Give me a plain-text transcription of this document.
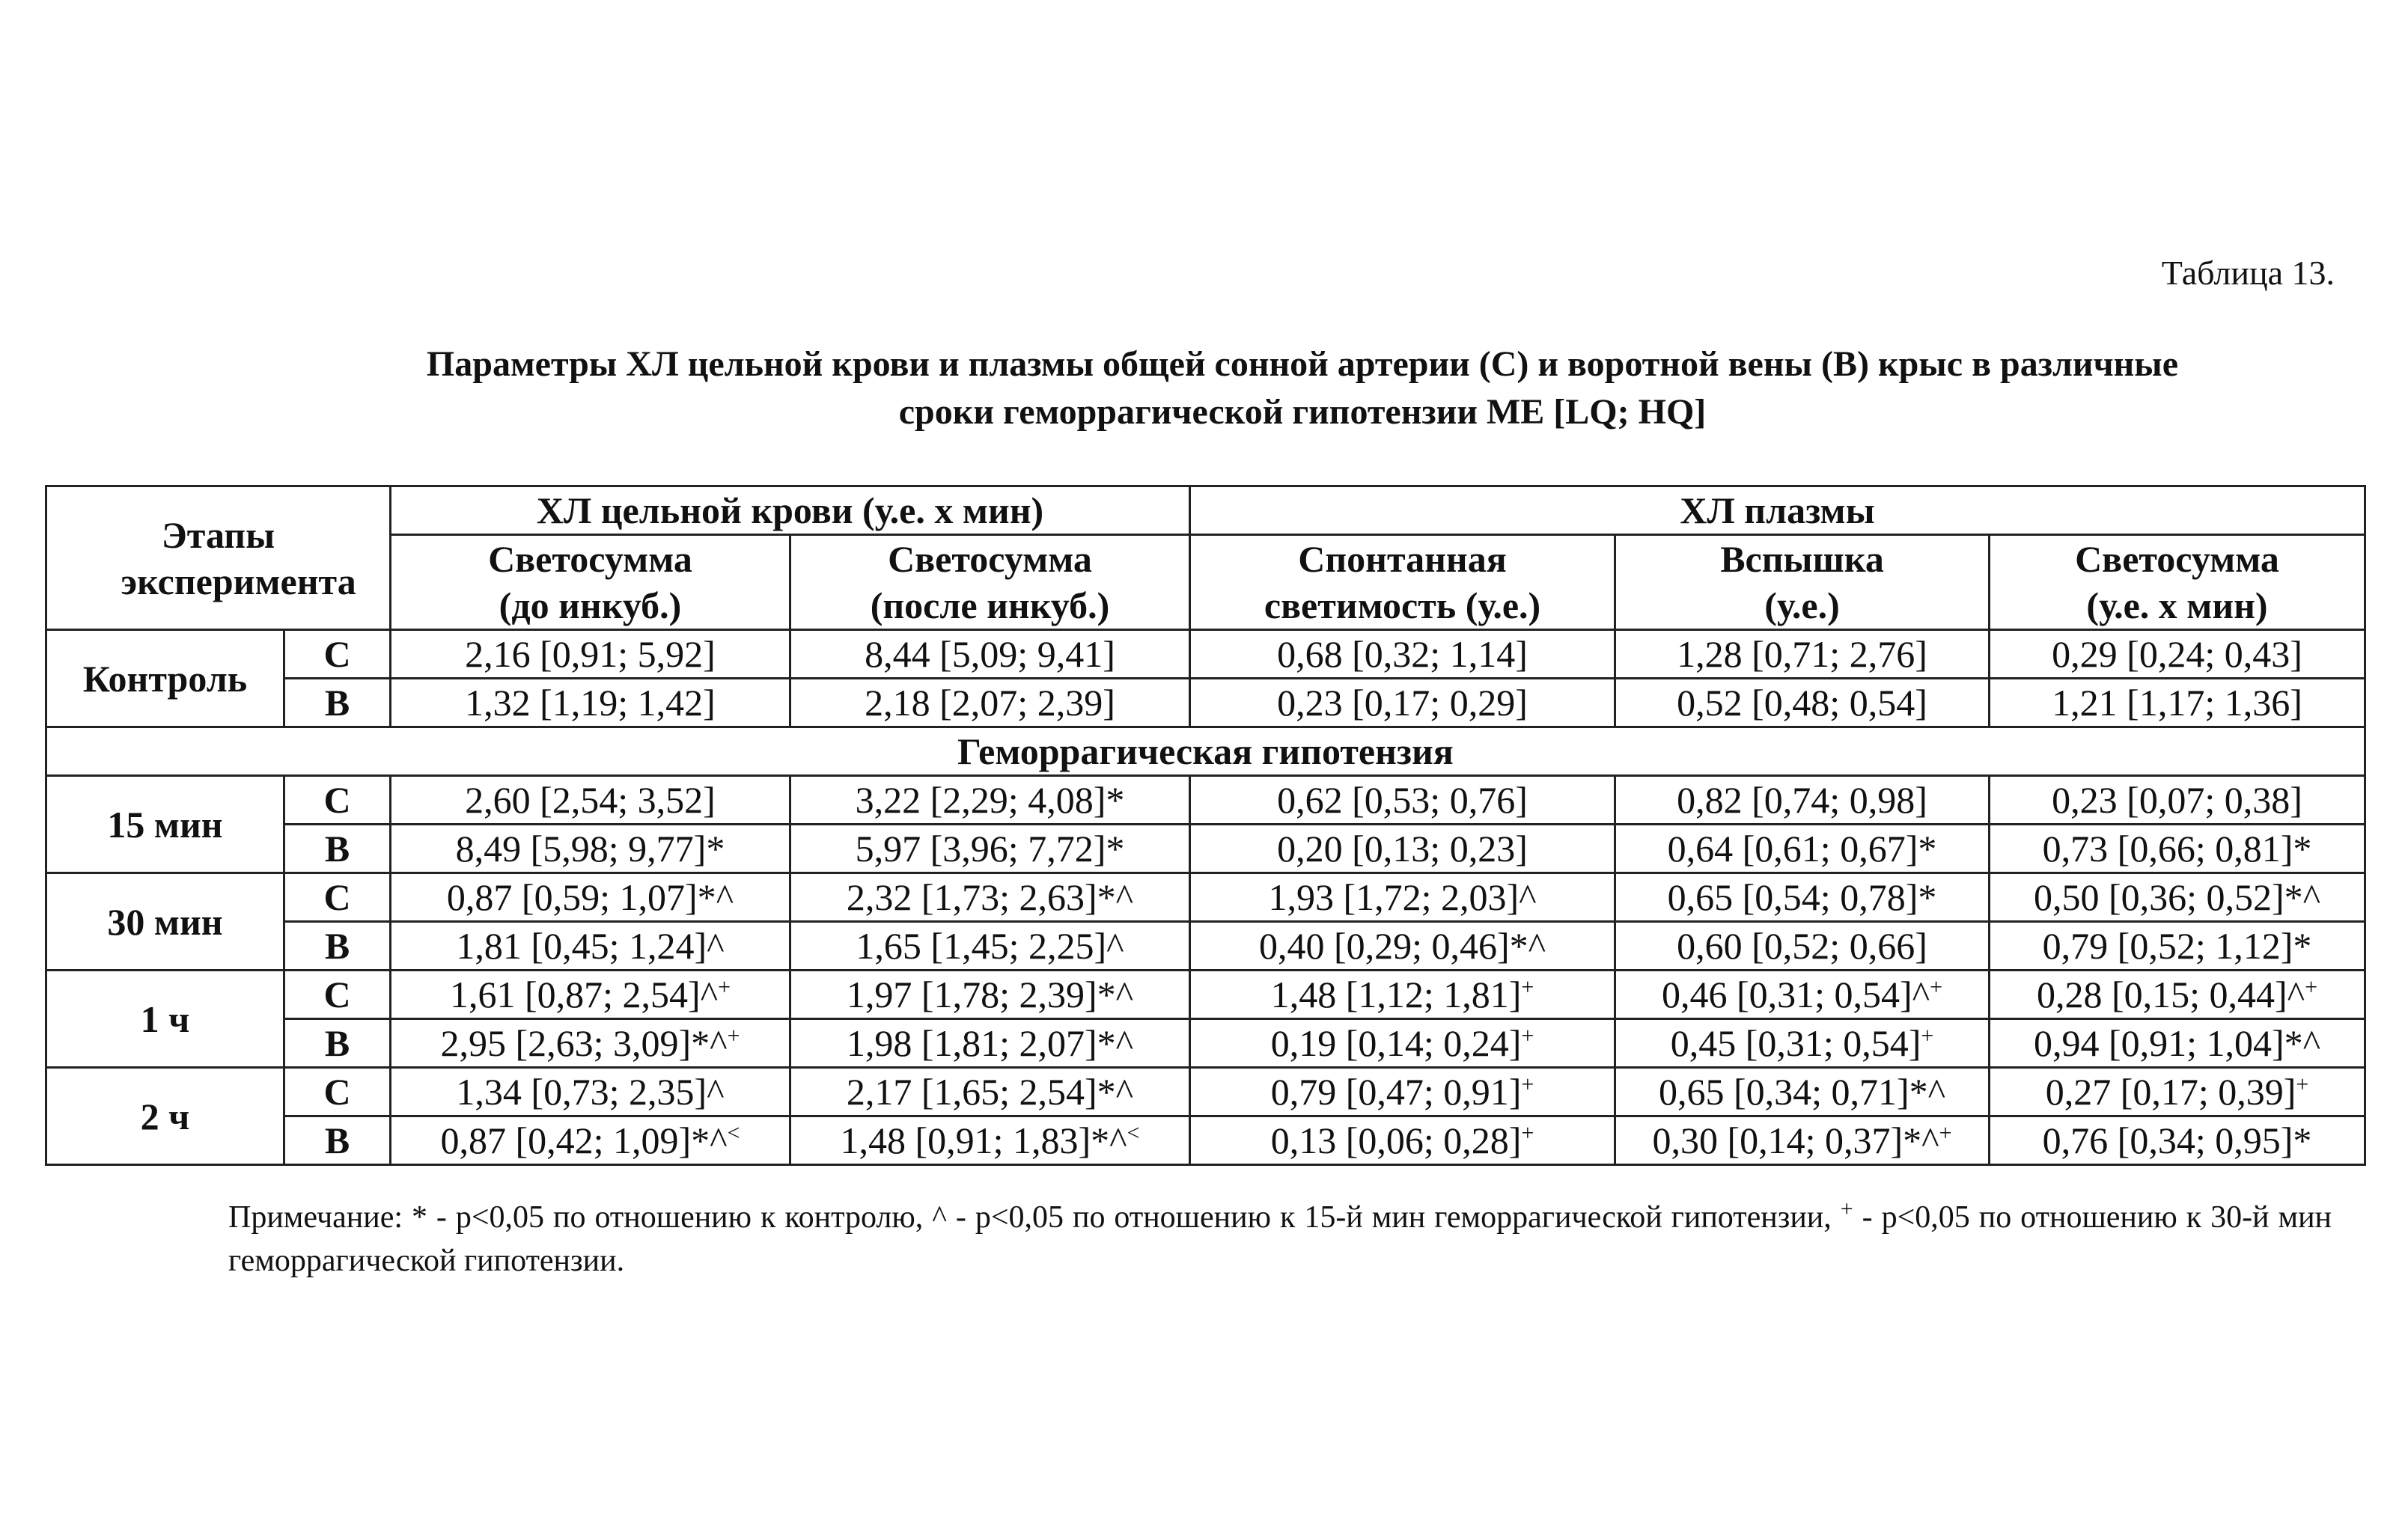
Таблица 13.
Параметры ХЛ цельной крови и плазмы общей сонной артерии (С) и воротной вены (В) крыс в различные
сроки геморрагической гипотензии МЕ [LQ; HQ]
Этапы эксперимента		ХЛ цельной крови (у.е. х мин)		ХЛ плазмы		

		Светосумма (до инкуб.)	Светосумма (после инкуб.)	Спонтанная светимость (у.е.)	Вспышка (у.е.)	Светосумма (у.е. х мин)

Контроль	С	2,16 [0,91; 5,92]	8,44 [5,09; 9,41]	0,68 [0,32; 1,14]	1,28 [0,71; 2,76]	0,29 [0,24; 0,43]
	В	1,32 [1,19; 1,42]	2,18 [2,07; 2,39]	0,23 [0,17; 0,29]	0,52 [0,48; 0,54]	1,21 [1,17; 1,36]
Геморрагическая гипотензия						
15 мин	С	2,60 [2,54; 3,52]	3,22 [2,29; 4,08]*	0,62 [0,53; 0,76]	0,82 [0,74; 0,98]	0,23 [0,07; 0,38]
	В	8,49 [5,98; 9,77]*	5,97 [3,96; 7,72]*	0,20 [0,13; 0,23]	0,64 [0,61; 0,67]*	0,73 [0,66; 0,81]*
30 мин	С	0,87 [0,59; 1,07]*^	2,32 [1,73; 2,63]*^	1,93 [1,72; 2,03]^	0,65 [0,54; 0,78]*	0,50 [0,36; 0,52]*^
	В	1,81 [0,45; 1,24]^	1,65 [1,45; 2,25]^	0,40 [0,29; 0,46]*^	0,60 [0,52; 0,66]	0,79 [0,52; 1,12]*
1 ч	С	1,61 [0,87; 2,54]^+	1,97 [1,78; 2,39]*^	1,48 [1,12; 1,81]+	0,46 [0,31; 0,54]^+	0,28 [0,15; 0,44]^+
	В	2,95 [2,63; 3,09]*^+	1,98 [1,81; 2,07]*^	0,19 [0,14; 0,24]+	0,45 [0,31; 0,54]+	0,94 [0,91; 1,04]*^
2 ч	С	1,34 [0,73; 2,35]^	2,17 [1,65; 2,54]*^	0,79 [0,47; 0,91]+	0,65 [0,34; 0,71]*^	0,27 [0,17; 0,39]+
	В	0,87 [0,42; 1,09]*^<	1,48 [0,91; 1,83]*^<	0,13 [0,06; 0,28]+	0,30 [0,14; 0,37]*^+	0,76 [0,34; 0,95]*
Примечание: * - р<0,05 по отношению к контролю, ^ - р<0,05 по отношению к 15-й мин геморрагической гипотензии, + - р<0,05 по отношению к 30-й мин геморрагической гипотензии.
